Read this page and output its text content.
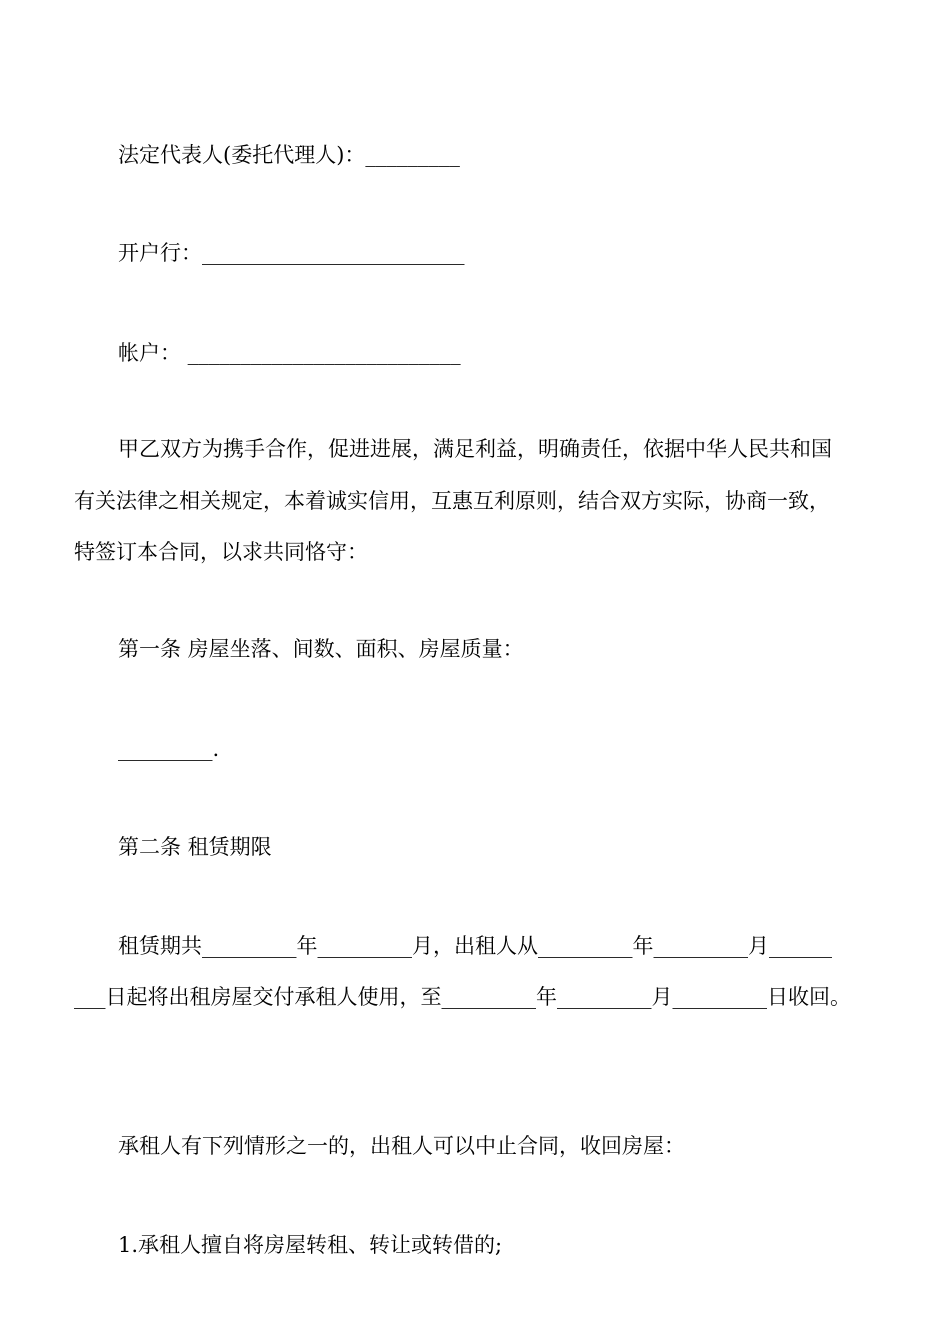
法定代表人(委托代理人)：_________

开户行：_________________________

帐户： __________________________

甲乙双方为携手合作，促进进展，满足利益，明确责任，依据中华人民共和国

有关法律之相关规定，本着诚实信用，互惠互利原则，结合双方实际，协商一致，

特签订本合同，以求共同恪守：

第一条 房屋坐落、间数、面积、房屋质量：

_________.

第二条 租赁期限

租赁期共_________年_________月，出租人从_________年_________月______

___日起将出租房屋交付承租人使用，至_________年_________月_________日收回。

承租人有下列情形之一的，出租人可以中止合同，收回房屋：

1.承租人擅自将房屋转租、转让或转借的;
